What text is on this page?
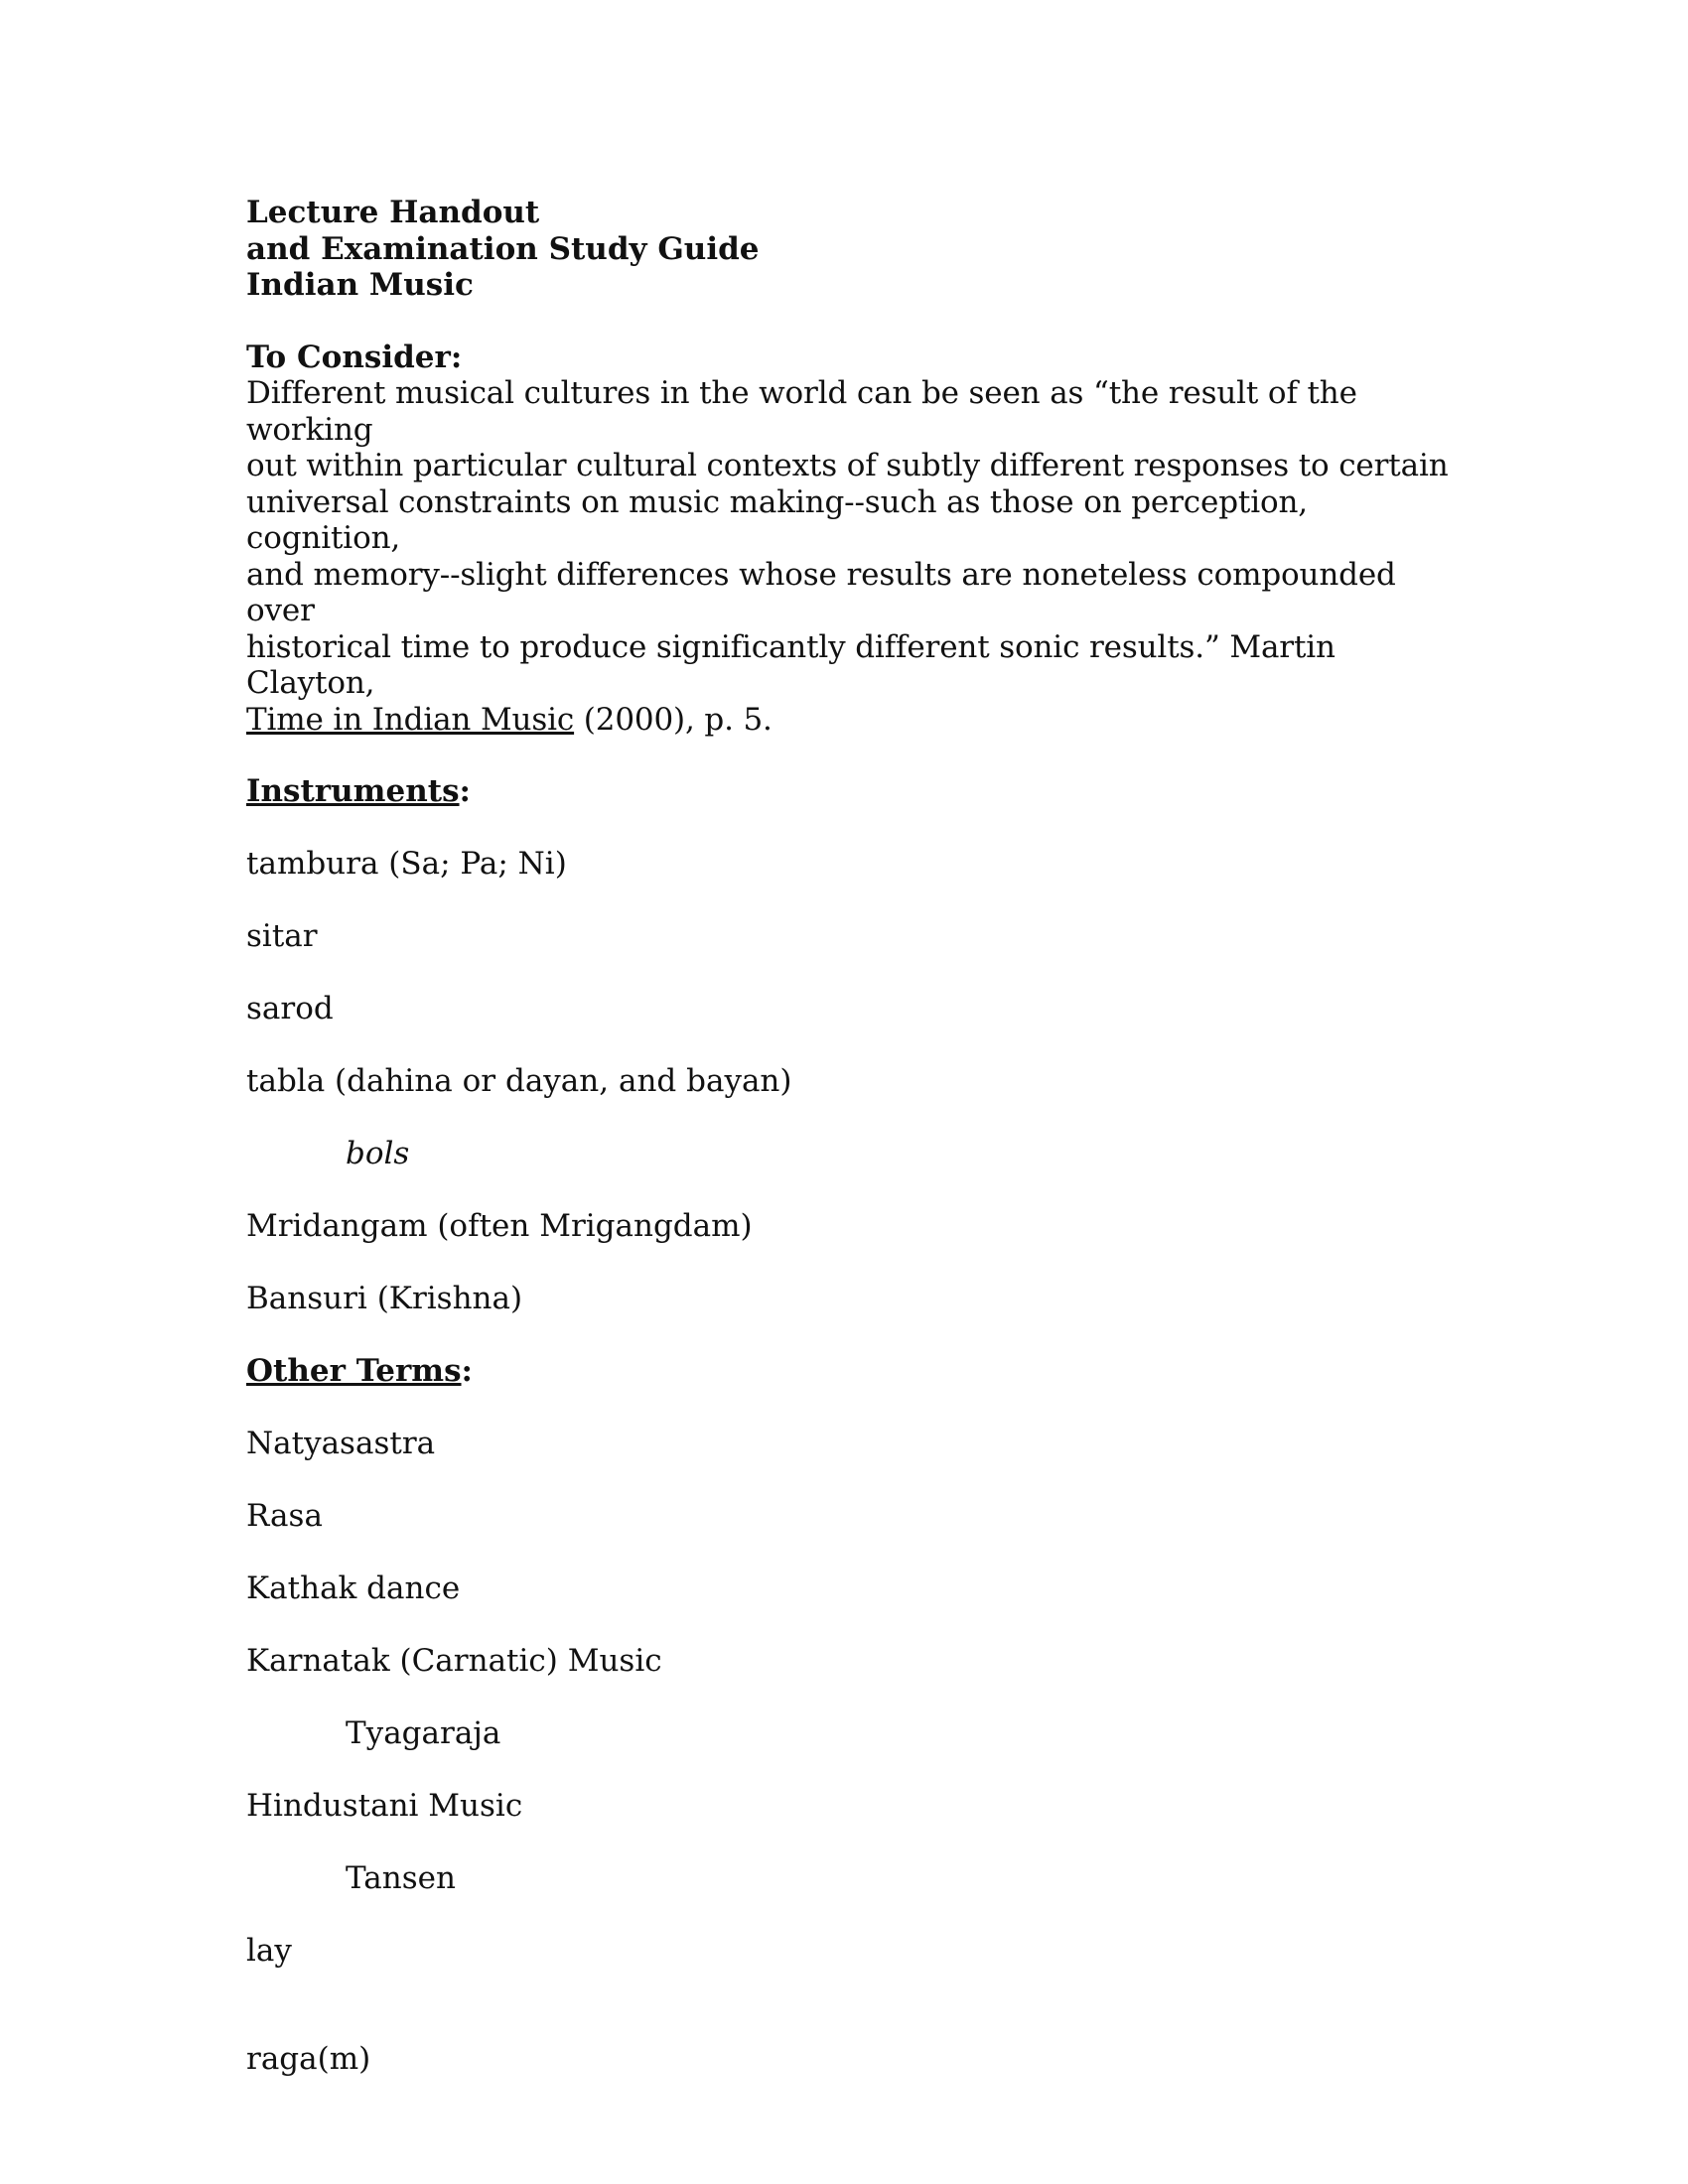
Lecture Handout
and Examination Study Guide
Indian Music
To Consider:
Different musical cultures in the world can be seen as “the result of the working
out within particular cultural contexts of subtly different responses to certain
universal constraints on music making--such as those on perception, cognition,
and memory--slight differences whose results are noneteless compounded over
historical time to produce significantly different sonic results.” Martin Clayton,
Time in Indian Music (2000), p. 5.
Instruments:
tambura (Sa; Pa; Ni)
sitar
sarod
tabla (dahina or dayan, and bayan)
bols
Mridangam (often Mrigangdam)
Bansuri (Krishna)
Other Terms:
Natyasastra
Rasa
Kathak dance
Karnatak (Carnatic) Music
Tyagaraja
Hindustani Music
Tansen
lay
raga(m)
